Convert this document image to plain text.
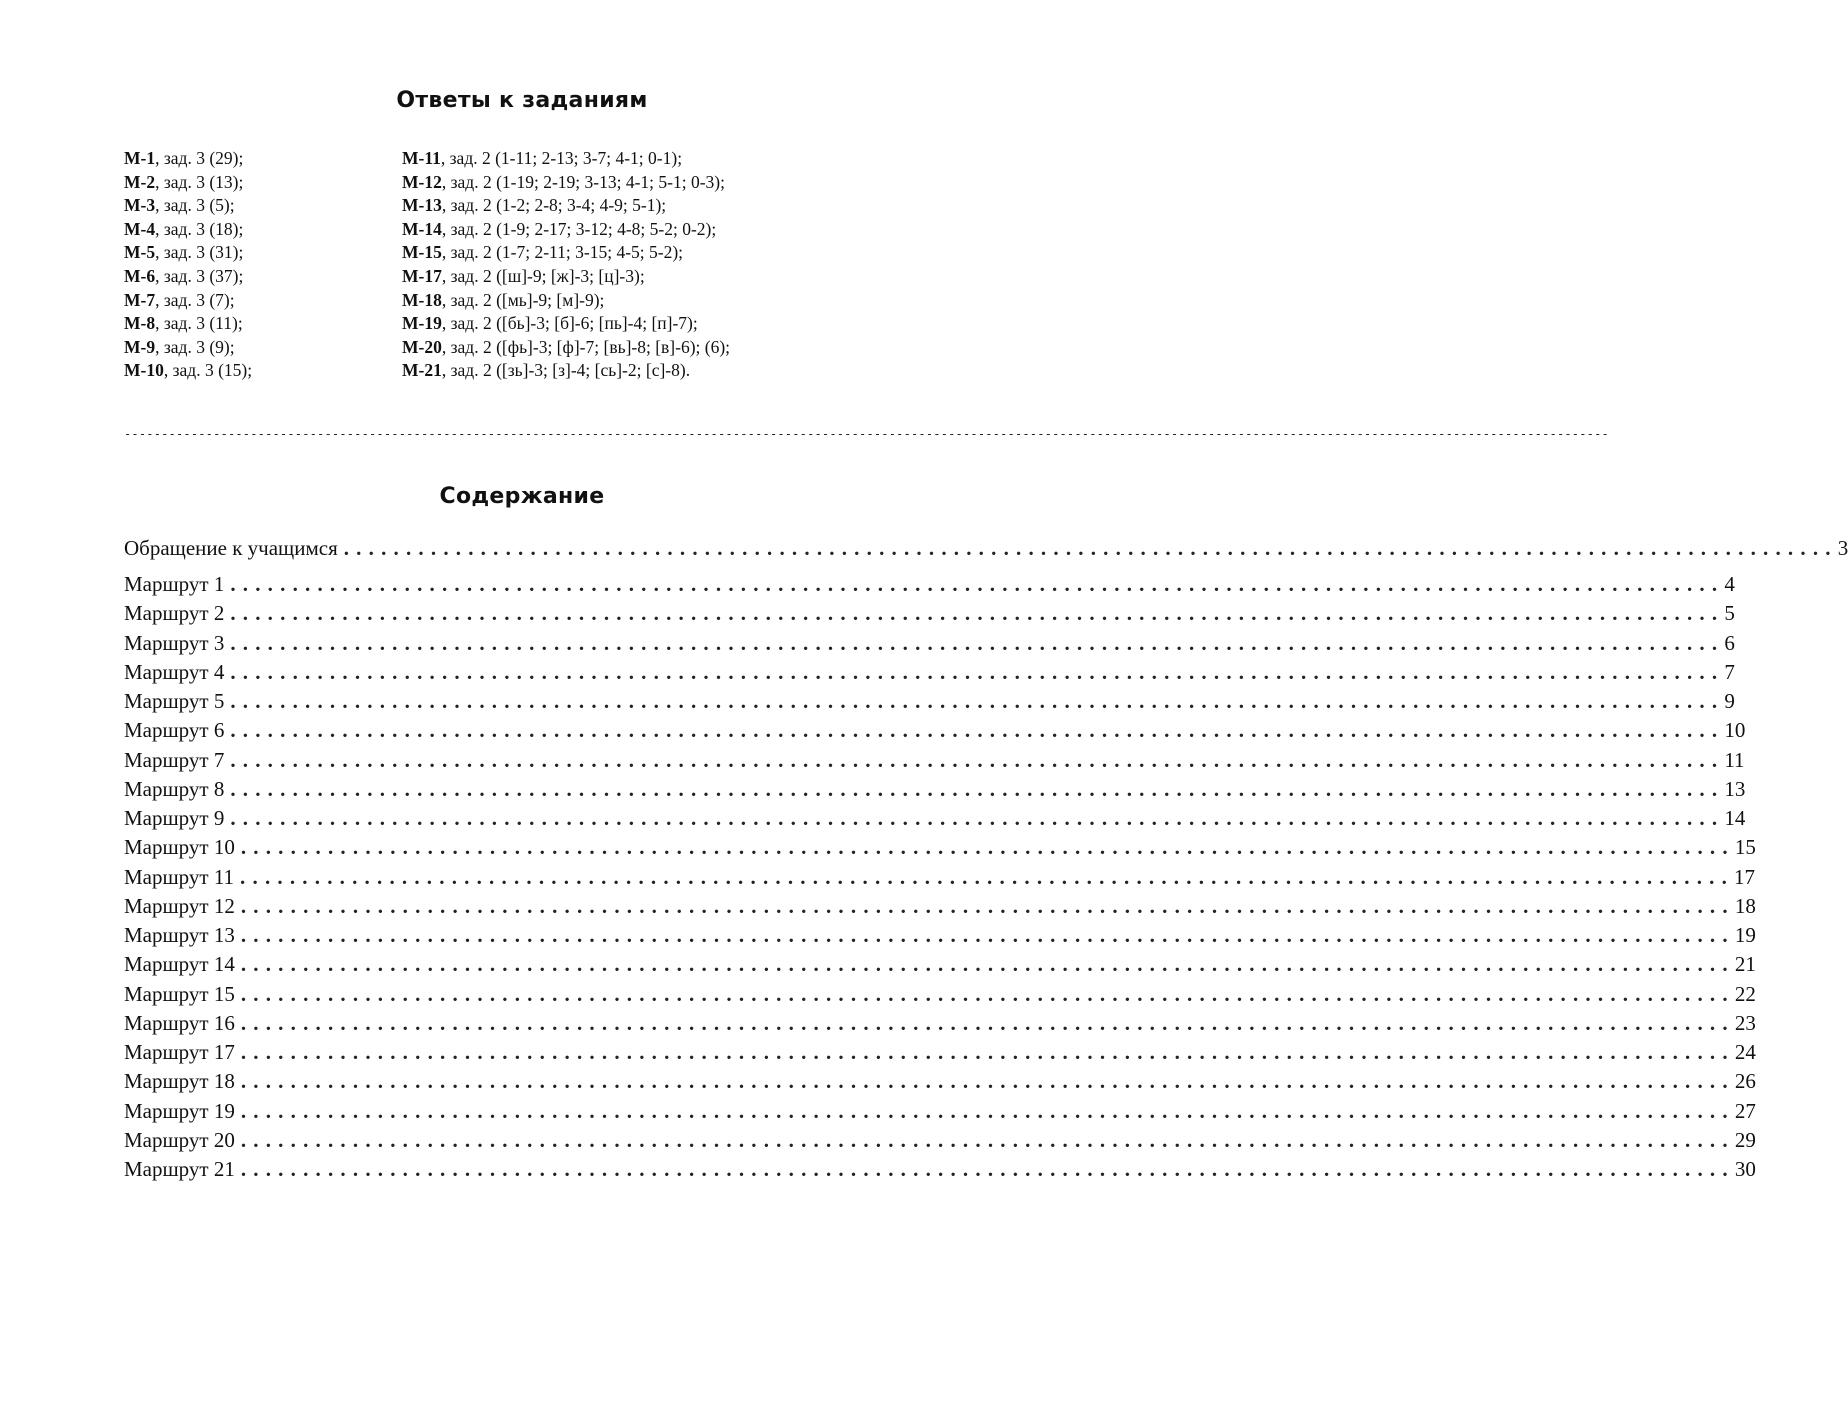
Ответы к заданиям
М-1, зад. 3 (29);
М-2, зад. 3 (13);
М-3, зад. 3 (5);
М-4, зад. 3 (18);
М-5, зад. 3 (31);
М-6, зад. 3 (37);
М-7, зад. 3 (7);
М-8, зад. 3 (11);
М-9, зад. 3 (9);
М-10, зад. 3 (15);
М-11, зад. 2 (1-11; 2-13; 3-7; 4-1; 0-1);
М-12, зад. 2 (1-19; 2-19; 3-13; 4-1; 5-1; 0-3);
М-13, зад. 2 (1-2; 2-8; 3-4; 4-9; 5-1);
М-14, зад. 2 (1-9; 2-17; 3-12; 4-8; 5-2; 0-2);
М-15, зад. 2 (1-7; 2-11; 3-15; 4-5; 5-2);
М-17, зад. 2 ([ш]-9; [ж]-3; [ц]-3);
М-18, зад. 2 ([мь]-9; [м]-9);
М-19, зад. 2 ([бь]-3; [б]-6; [пь]-4; [п]-7);
М-20, зад. 2 ([фь]-3; [ф]-7; [вь]-8; [в]-6); (6);
М-21, зад. 2 ([зь]-3; [з]-4; [сь]-2; [с]-8).
--------------------------------------------------------------------------------------------------------------------------------------------------------------------------------------------------------
Содержание
Обращение к учащимся ........................................................................................................................ 3
Маршрут 1 ........................................................................................................................ 4
Маршрут 2 ........................................................................................................................ 5
Маршрут 3 ........................................................................................................................ 6
Маршрут 4 ........................................................................................................................ 7
Маршрут 5 ........................................................................................................................ 9
Маршрут 6 ........................................................................................................................ 10
Маршрут 7 ........................................................................................................................ 11
Маршрут 8 ........................................................................................................................ 13
Маршрут 9 ........................................................................................................................ 14
Маршрут 10 ........................................................................................................................ 15
Маршрут 11 ........................................................................................................................ 17
Маршрут 12 ........................................................................................................................ 18
Маршрут 13 ........................................................................................................................ 19
Маршрут 14 ........................................................................................................................ 21
Маршрут 15 ........................................................................................................................ 22
Маршрут 16 ........................................................................................................................ 23
Маршрут 17 ........................................................................................................................ 24
Маршрут 18 ........................................................................................................................ 26
Маршрут 19 ........................................................................................................................ 27
Маршрут 20 ........................................................................................................................ 29
Маршрут 21 ........................................................................................................................ 30
